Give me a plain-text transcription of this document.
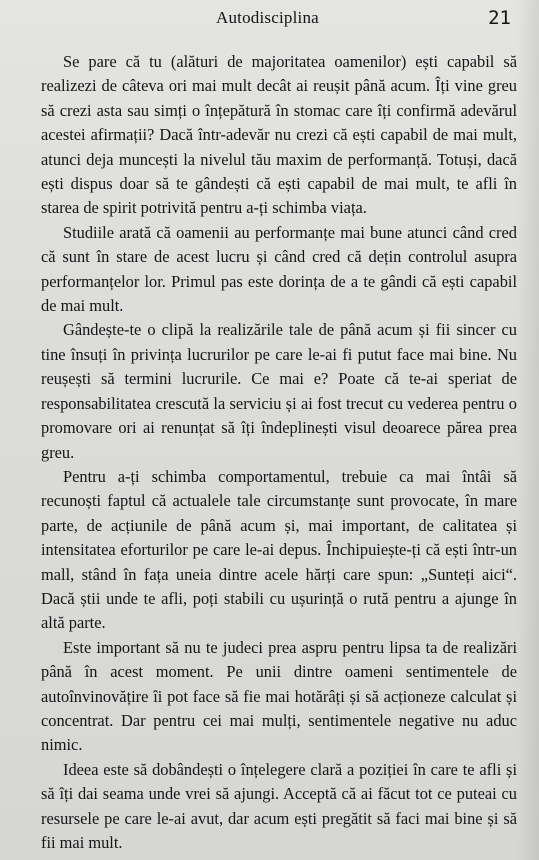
Autodisciplina	21

Se pare că tu (alături de majoritatea oamenilor) ești capabil să realizezi de câteva ori mai mult decât ai reușit până acum. Îți vine greu să crezi asta sau simți o înțepătură în stomac care îți confirmă adevărul acestei afirmații? Dacă într-adevăr nu crezi că ești capabil de mai mult, atunci deja muncești la nivelul tău maxim de performanță. Totuși, dacă ești dispus doar să te gândești că ești capabil de mai mult, te afli în starea de spirit potrivită pentru a-ți schimba viața.

Studiile arată că oamenii au performanțe mai bune atunci când cred că sunt în stare de acest lucru și când cred că dețin controlul asupra performanțelor lor. Primul pas este dorința de a te gândi că ești capabil de mai mult.

Gândește-te o clipă la realizările tale de până acum și fii sincer cu tine însuți în privința lucrurilor pe care le-ai fi putut face mai bine. Nu reușești să termini lucrurile. Ce mai e? Poate că te-ai speriat de responsabilitatea crescută la serviciu și ai fost trecut cu vederea pentru o promovare ori ai renunțat să îți îndeplinești visul deoarece părea prea greu.

Pentru a-ți schimba comportamentul, trebuie ca mai întâi să recunoști faptul că actualele tale circumstanțe sunt provocate, în mare parte, de acțiunile de până acum și, mai important, de calitatea și intensitatea eforturilor pe care le-ai depus. Închipuiește-ți că ești într-un mall, stând în fața uneia dintre acele hărți care spun: „Sunteți aici“. Dacă știi unde te afli, poți stabili cu ușurință o rută pentru a ajunge în altă parte.

Este important să nu te judeci prea aspru pentru lipsa ta de realizări până în acest moment. Pe unii dintre oameni sentimentele de autoînvinovățire îi pot face să fie mai hotărâți și să acționeze calculat și concentrat. Dar pentru cei mai mulți, sentimentele negative nu aduc nimic.

Ideea este să dobândești o înțelegere clară a poziției în care te afli și să îți dai seama unde vrei să ajungi. Acceptă că ai făcut tot ce puteai cu resursele pe care le-ai avut, dar acum ești pregătit să faci mai bine și să fii mai mult.
